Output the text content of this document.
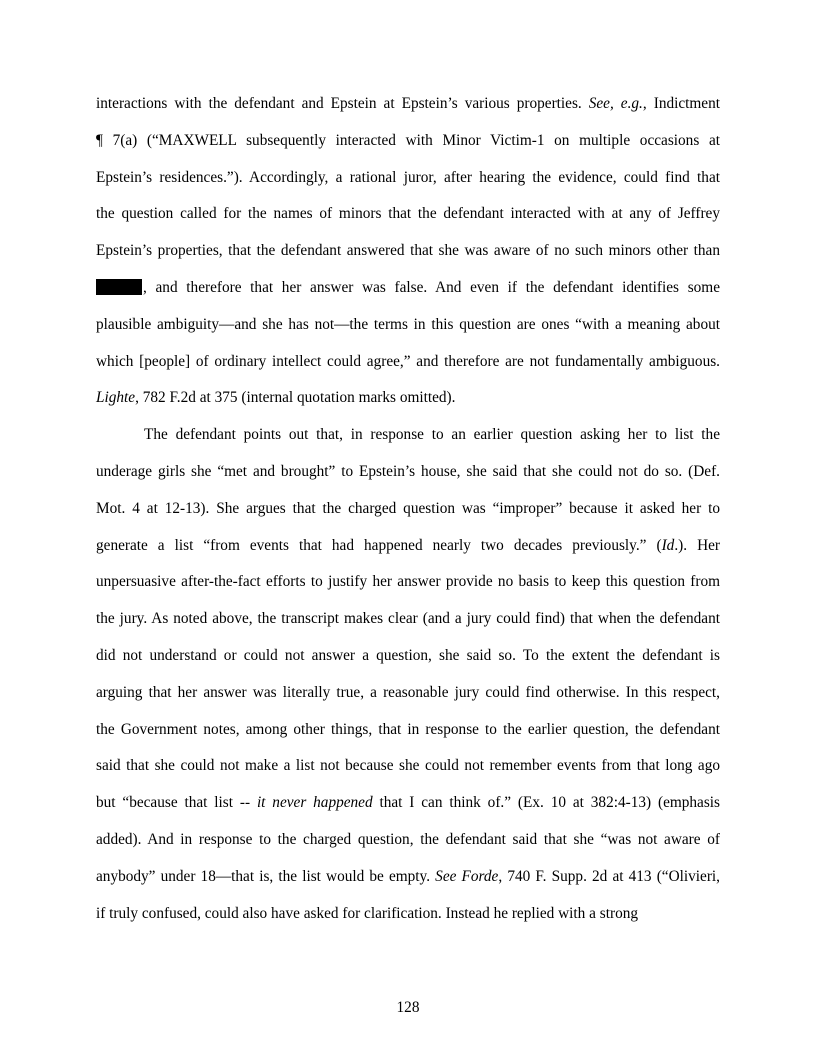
interactions with the defendant and Epstein at Epstein’s various properties. See, e.g., Indictment
¶ 7(a) (“MAXWELL subsequently interacted with Minor Victim-1 on multiple occasions at
Epstein’s residences.”). Accordingly, a rational juror, after hearing the evidence, could find that
the question called for the names of minors that the defendant interacted with at any of Jeffrey
Epstein’s properties, that the defendant answered that she was aware of no such minors other than
, and therefore that her answer was false. And even if the defendant identifies some
plausible ambiguity—and she has not—the terms in this question are ones “with a meaning about
which [people] of ordinary intellect could agree,” and therefore are not fundamentally ambiguous.
Lighte, 782 F.2d at 375 (internal quotation marks omitted).
The defendant points out that, in response to an earlier question asking her to list the
underage girls she “met and brought” to Epstein’s house, she said that she could not do so. (Def.
Mot. 4 at 12-13). She argues that the charged question was “improper” because it asked her to
generate a list “from events that had happened nearly two decades previously.” (Id.). Her
unpersuasive after-the-fact efforts to justify her answer provide no basis to keep this question from
the jury. As noted above, the transcript makes clear (and a jury could find) that when the defendant
did not understand or could not answer a question, she said so. To the extent the defendant is
arguing that her answer was literally true, a reasonable jury could find otherwise. In this respect,
the Government notes, among other things, that in response to the earlier question, the defendant
said that she could not make a list not because she could not remember events from that long ago
but “because that list -- it never happened that I can think of.” (Ex. 10 at 382:4-13) (emphasis
added). And in response to the charged question, the defendant said that she “was not aware of
anybody” under 18—that is, the list would be empty. See Forde, 740 F. Supp. 2d at 413 (“Olivieri,
if truly confused, could also have asked for clarification. Instead he replied with a strong
128
